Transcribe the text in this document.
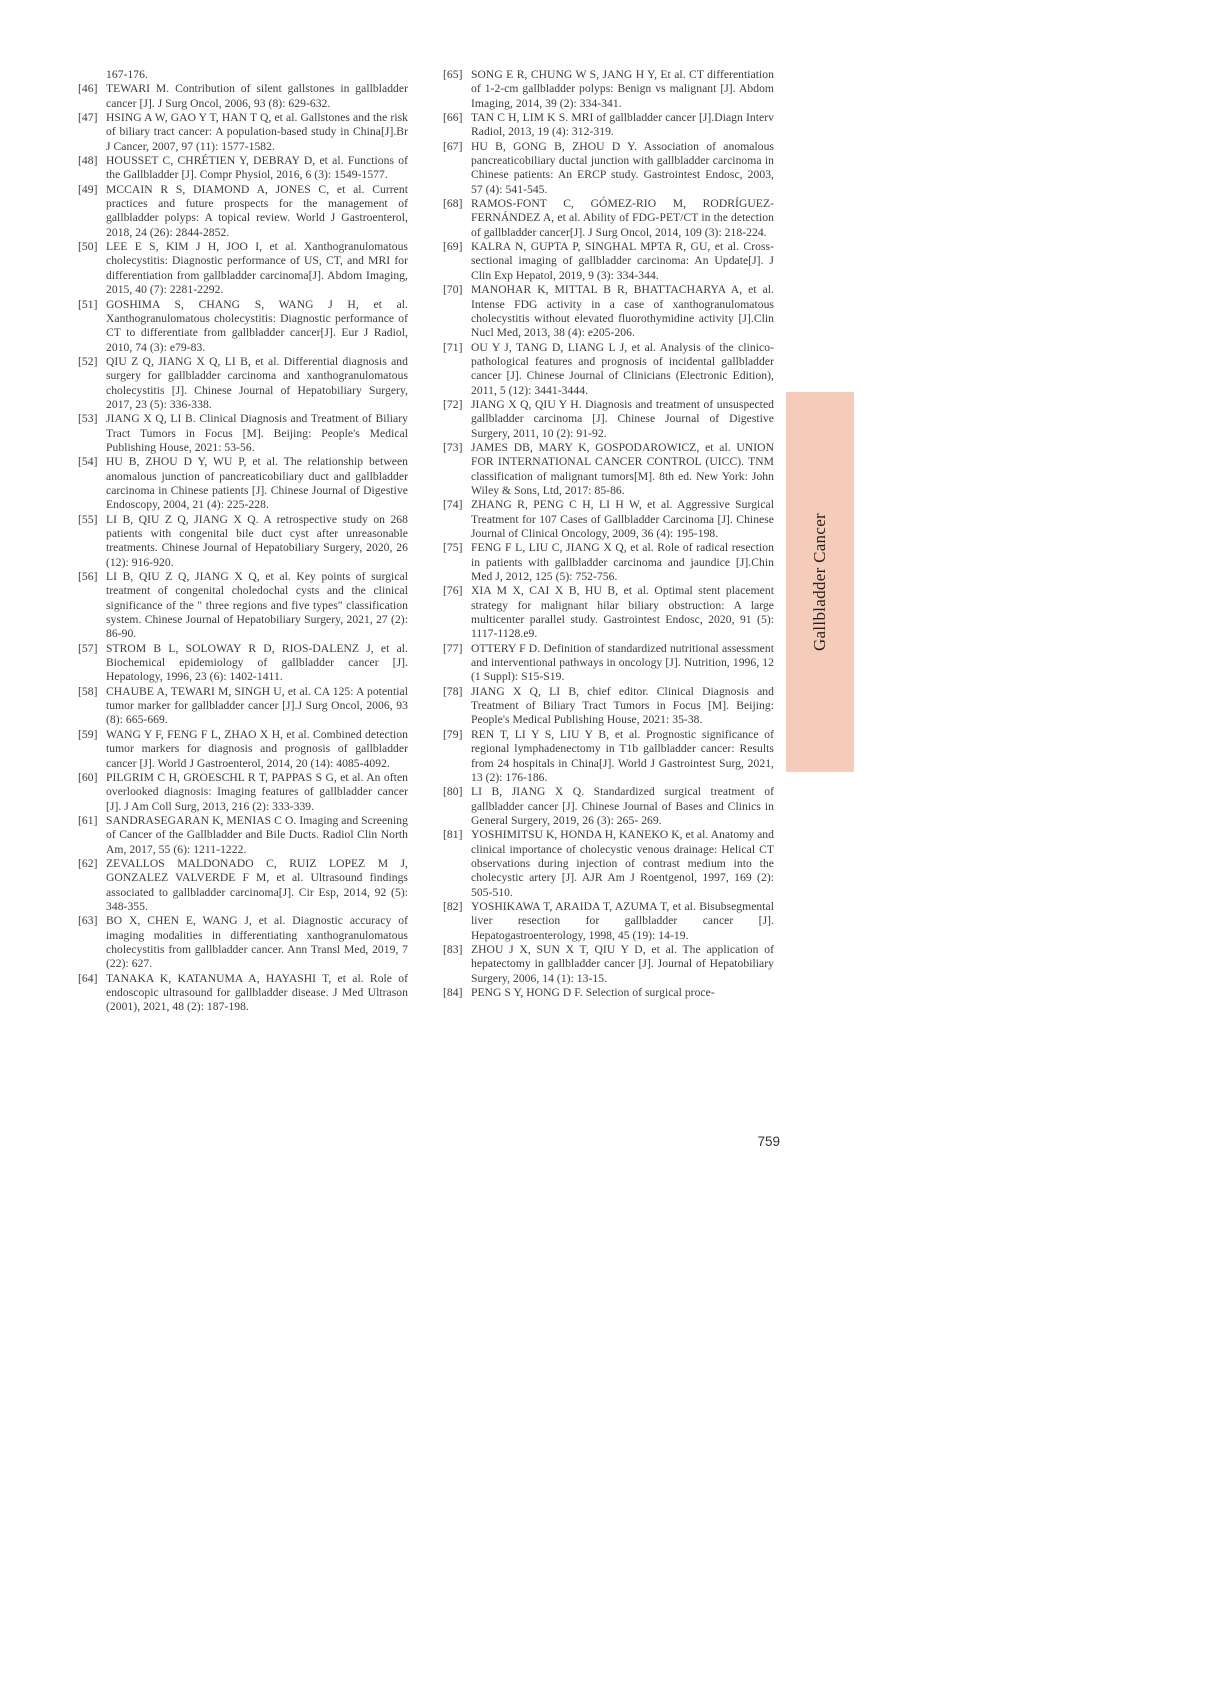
167-176.
[46] TEWARI M. Contribution of silent gallstones in gallbladder cancer [J]. J Surg Oncol, 2006, 93 (8): 629-632.
[47] HSING A W, GAO Y T, HAN T Q, et al. Gallstones and the risk of biliary tract cancer: A population-based study in China[J].Br J Cancer, 2007, 97 (11): 1577-1582.
[48] HOUSSET C, CHRÉTIEN Y, DEBRAY D, et al. Functions of the Gallbladder [J]. Compr Physiol, 2016, 6 (3): 1549-1577.
[49] MCCAIN R S, DIAMOND A, JONES C, et al. Current practices and future prospects for the management of gallbladder polyps: A topical review. World J Gastroenterol, 2018, 24 (26): 2844-2852.
[50] LEE E S, KIM J H, JOO I, et al. Xanthogranulomatous cholecystitis: Diagnostic performance of US, CT, and MRI for differentiation from gallbladder carcinoma[J]. Abdom Imaging, 2015, 40 (7): 2281-2292.
[51] GOSHIMA S, CHANG S, WANG J H, et al. Xanthogranulomatous cholecystitis: Diagnostic performance of CT to differentiate from gallbladder cancer[J]. Eur J Radiol, 2010, 74 (3): e79-83.
[52] QIU Z Q, JIANG X Q, LI B, et al. Differential diagnosis and surgery for gallbladder carcinoma and xanthogranulomatous cholecystitis [J]. Chinese Journal of Hepatobiliary Surgery, 2017, 23 (5): 336-338.
[53] JIANG X Q, LI B. Clinical Diagnosis and Treatment of Biliary Tract Tumors in Focus [M]. Beijing: People's Medical Publishing House, 2021: 53-56.
[54] HU B, ZHOU D Y, WU P, et al. The relationship between anomalous junction of pancreaticobiliary duct and gallbladder carcinoma in Chinese patients [J]. Chinese Journal of Digestive Endoscopy, 2004, 21 (4): 225-228.
[55] LI B, QIU Z Q, JIANG X Q. A retrospective study on 268 patients with congenital bile duct cyst after unreasonable treatments. Chinese Journal of Hepatobiliary Surgery, 2020, 26 (12): 916-920.
[56] LI B, QIU Z Q, JIANG X Q, et al. Key points of surgical treatment of congenital choledochal cysts and the clinical significance of the " three regions and five types" classification system. Chinese Journal of Hepatobiliary Surgery, 2021, 27 (2): 86-90.
[57] STROM B L, SOLOWAY R D, RIOS-DALENZ J, et al. Biochemical epidemiology of gallbladder cancer [J]. Hepatology, 1996, 23 (6): 1402-1411.
[58] CHAUBE A, TEWARI M, SINGH U, et al. CA 125: A potential tumor marker for gallbladder cancer [J].J Surg Oncol, 2006, 93 (8): 665-669.
[59] WANG Y F, FENG F L, ZHAO X H, et al. Combined detection tumor markers for diagnosis and prognosis of gallbladder cancer [J]. World J Gastroenterol, 2014, 20 (14): 4085-4092.
[60] PILGRIM C H, GROESCHL R T, PAPPAS S G, et al. An often overlooked diagnosis: Imaging features of gallbladder cancer [J]. J Am Coll Surg, 2013, 216 (2): 333-339.
[61] SANDRASEGARAN K, MENIAS C O. Imaging and Screening of Cancer of the Gallbladder and Bile Ducts. Radiol Clin North Am, 2017, 55 (6): 1211-1222.
[62] ZEVALLOS MALDONADO C, RUIZ LOPEZ M J, GONZALEZ VALVERDE F M, et al. Ultrasound findings associated to gallbladder carcinoma[J]. Cir Esp, 2014, 92 (5): 348-355.
[63] BO X, CHEN E, WANG J, et al. Diagnostic accuracy of imaging modalities in differentiating xanthogranulomatous cholecystitis from gallbladder cancer. Ann Transl Med, 2019, 7 (22): 627.
[64] TANAKA K, KATANUMA A, HAYASHI T, et al. Role of endoscopic ultrasound for gallbladder disease. J Med Ultrason (2001), 2021, 48 (2): 187-198.
[65] SONG E R, CHUNG W S, JANG H Y, Et al. CT differentiation of 1-2-cm gallbladder polyps: Benign vs malignant [J]. Abdom Imaging, 2014, 39 (2): 334-341.
[66] TAN C H, LIM K S. MRI of gallbladder cancer [J].Diagn Interv Radiol, 2013, 19 (4): 312-319.
[67] HU B, GONG B, ZHOU D Y. Association of anomalous pancreaticobiliary ductal junction with gallbladder carcinoma in Chinese patients: An ERCP study. Gastrointest Endosc, 2003, 57 (4): 541-545.
[68] RAMOS-FONT C, GÓMEZ-RIO M, RODRÍGUEZ-FERNÁNDEZ A, et al. Ability of FDG-PET/CT in the detection of gallbladder cancer[J]. J Surg Oncol, 2014, 109 (3): 218-224.
[69] KALRA N, GUPTA P, SINGHAL MPTA R, GU, et al. Cross-sectional imaging of gallbladder carcinoma: An Update[J]. J Clin Exp Hepatol, 2019, 9 (3): 334-344.
[70] MANOHAR K, MITTAL B R, BHATTACHARYA A, et al. Intense FDG activity in a case of xanthogranulomatous cholecystitis without elevated fluorothymidine activity [J].Clin Nucl Med, 2013, 38 (4): e205-206.
[71] OU Y J, TANG D, LIANG L J, et al. Analysis of the clinico-pathological features and prognosis of incidental gallbladder cancer [J]. Chinese Journal of Clinicians (Electronic Edition), 2011, 5 (12): 3441-3444.
[72] JIANG X Q, QIU Y H. Diagnosis and treatment of unsuspected gallbladder carcinoma [J]. Chinese Journal of Digestive Surgery, 2011, 10 (2): 91-92.
[73] JAMES DB, MARY K, GOSPODAROWICZ, et al. UNION FOR INTERNATIONAL CANCER CONTROL (UICC). TNM classification of malignant tumors[M]. 8th ed. New York: John Wiley & Sons, Ltd, 2017: 85-86.
[74] ZHANG R, PENG C H, LI H W, et al. Aggressive Surgical Treatment for 107 Cases of Gallbladder Carcinoma [J]. Chinese Journal of Clinical Oncology, 2009, 36 (4): 195-198.
[75] FENG F L, LIU C, JIANG X Q, et al. Role of radical resection in patients with gallbladder carcinoma and jaundice [J].Chin Med J, 2012, 125 (5): 752-756.
[76] XIA M X, CAI X B, HU B, et al. Optimal stent placement strategy for malignant hilar biliary obstruction: A large multicenter parallel study. Gastrointest Endosc, 2020, 91 (5): 1117-1128.e9.
[77] OTTERY F D. Definition of standardized nutritional assessment and interventional pathways in oncology [J]. Nutrition, 1996, 12 (1 Suppl): S15-S19.
[78] JIANG X Q, LI B, chief editor. Clinical Diagnosis and Treatment of Biliary Tract Tumors in Focus [M]. Beijing: People's Medical Publishing House, 2021: 35-38.
[79] REN T, LI Y S, LIU Y B, et al. Prognostic significance of regional lymphadenectomy in T1b gallbladder cancer: Results from 24 hospitals in China[J]. World J Gastrointest Surg, 2021, 13 (2): 176-186.
[80] LI B, JIANG X Q. Standardized surgical treatment of gallbladder cancer [J]. Chinese Journal of Bases and Clinics in General Surgery, 2019, 26 (3): 265- 269.
[81] YOSHIMITSU K, HONDA H, KANEKO K, et al. Anatomy and clinical importance of cholecystic venous drainage: Helical CT observations during injection of contrast medium into the cholecystic artery [J]. AJR Am J Roentgenol, 1997, 169 (2): 505-510.
[82] YOSHIKAWA T, ARAIDA T, AZUMA T, et al. Bisubsegmental liver resection for gallbladder cancer [J]. Hepatogastroenterology, 1998, 45 (19): 14-19.
[83] ZHOU J X, SUN X T, QIU Y D, et al. The application of hepatectomy in gallbladder cancer [J]. Journal of Hepatobiliary Surgery, 2006, 14 (1): 13-15.
[84] PENG S Y, HONG D F. Selection of surgical proce-
Gallbladder Cancer
759
